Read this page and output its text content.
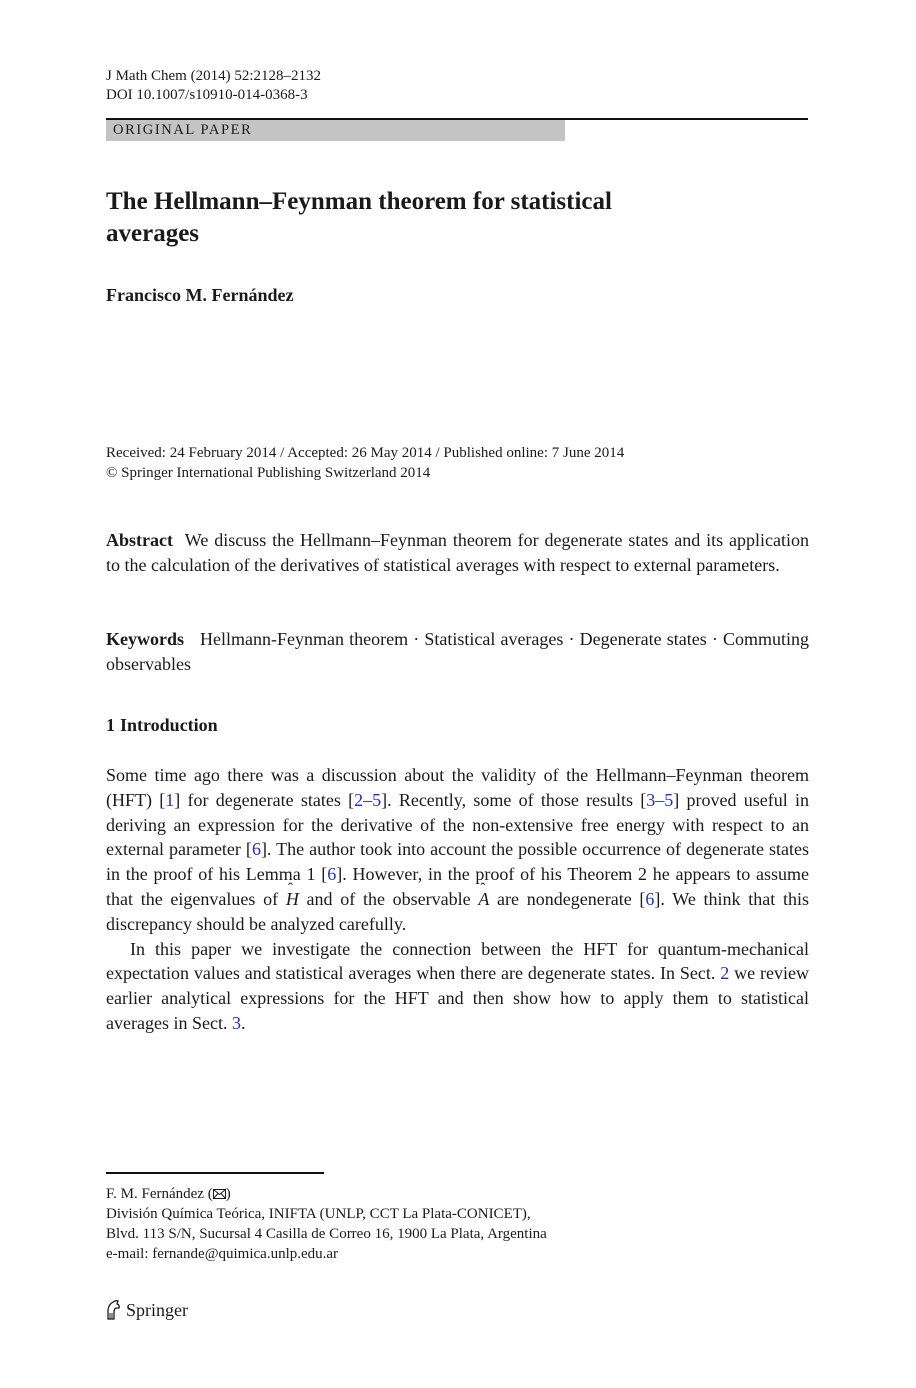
J Math Chem (2014) 52:2128–2132
DOI 10.1007/s10910-014-0368-3
ORIGINAL PAPER
The Hellmann–Feynman theorem for statistical averages
Francisco M. Fernández
Received: 24 February 2014 / Accepted: 26 May 2014 / Published online: 7 June 2014
© Springer International Publishing Switzerland 2014

Abstract We discuss the Hellmann–Feynman theorem for degenerate states and its application to the calculation of the derivatives of statistical averages with respect to external parameters.

Keywords Hellmann-Feynman theorem · Statistical averages · Degenerate states · Commuting observables

1 Introduction

Some time ago there was a discussion about the validity of the Hellmann–Feynman theorem (HFT) [1] for degenerate states [2–5]. Recently, some of those results [3–5] proved useful in deriving an expression for the derivative of the non-extensive free energy with respect to an external parameter [6]. The author took into account the possible occurrence of degenerate states in the proof of his Lemma 1 [6]. However, in the proof of his Theorem 2 he appears to assume that the eigenvalues of ˆ H and of the observable ˆ A are nondegenerate [6]. We think that this discrepancy should be analyzed carefully.

In this paper we investigate the connection between the HFT for quantum-mechanical expectation values and statistical averages when there are degenerate states. In Sect. 2 we review earlier analytical expressions for the HFT and then show how to apply them to statistical averages in Sect. 3.

F. M. Fernández ( )
División Química Teórica, INIFTA (UNLP, CCT La Plata-CONICET),
Blvd. 113 S/N, Sucursal 4 Casilla de Correo 16, 1900 La Plata, Argentina
e-mail: fernande@quimica.unlp.edu.ar
Springer
